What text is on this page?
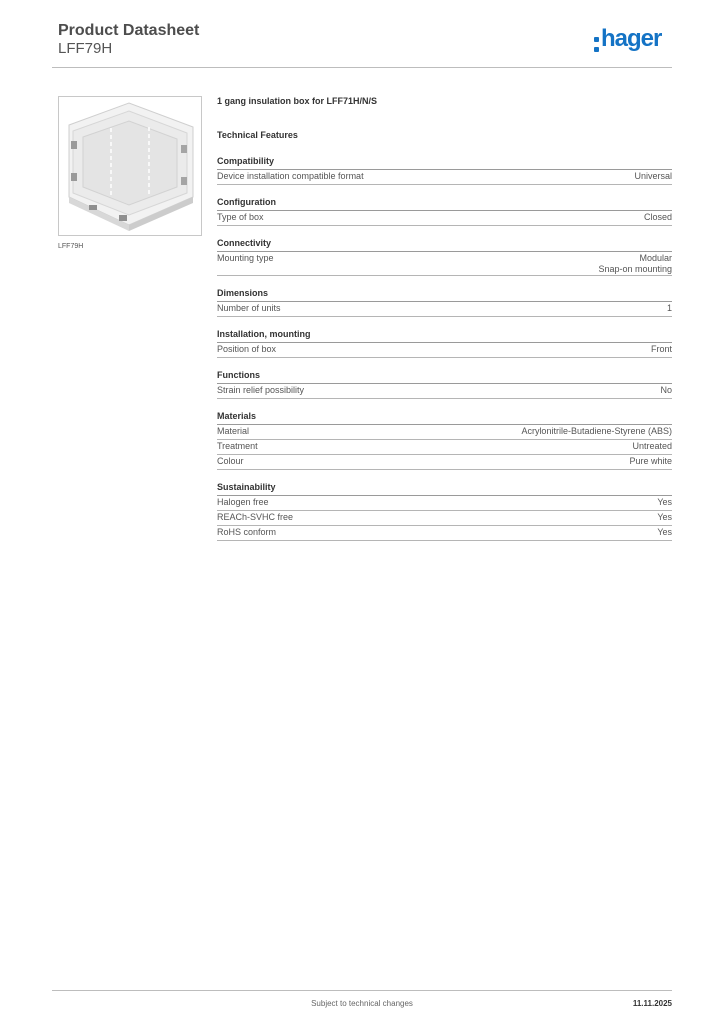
Product Datasheet
LFF79H	hager
LFF79H
1 gang insulation box for LFF71H/N/S
Technical Features
Compatibility
Device installation compatible format	Universal
Configuration
Type of box	Closed
Connectivity
Mounting type	Modular
Snap-on mounting
Dimensions
Number of units	1
Installation, mounting
Position of box	Front
Functions
Strain relief possibility	No
Materials
Material	Acrylonitrile-Butadiene-Styrene (ABS)
Treatment	Untreated
Colour	Pure white
Sustainability
Halogen free	Yes
REACh-SVHC free	Yes
RoHS conform	Yes
Subject to technical changes	11.11.2025
